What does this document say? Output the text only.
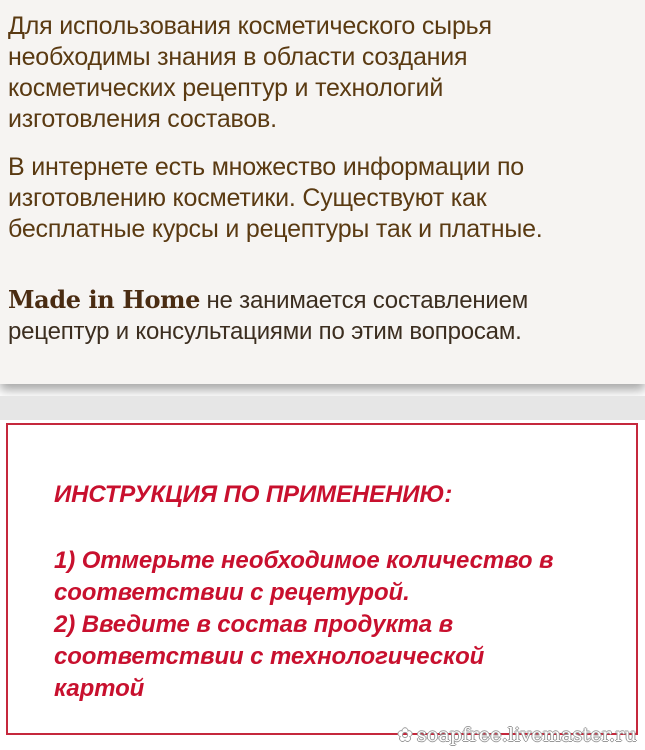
Для использования косметического сырья необходимы знания в области создания косметических рецептур и технологий изготовления составов.

В интернете есть множество информации по изготовлению косметики. Существуют как бесплатные курсы и рецептуры так и платные.

Made in Home не занимается составлением рецептур и консультациями по этим вопросам.

ИНСТРУКЦИЯ ПО ПРИМЕНЕНИЮ:

1) Отмерьте необходимое количество в соответствии с рецетурой.

2) Введите в состав продукта в соответствии с технологической картой

✿ soapfree.livemaster.ru
